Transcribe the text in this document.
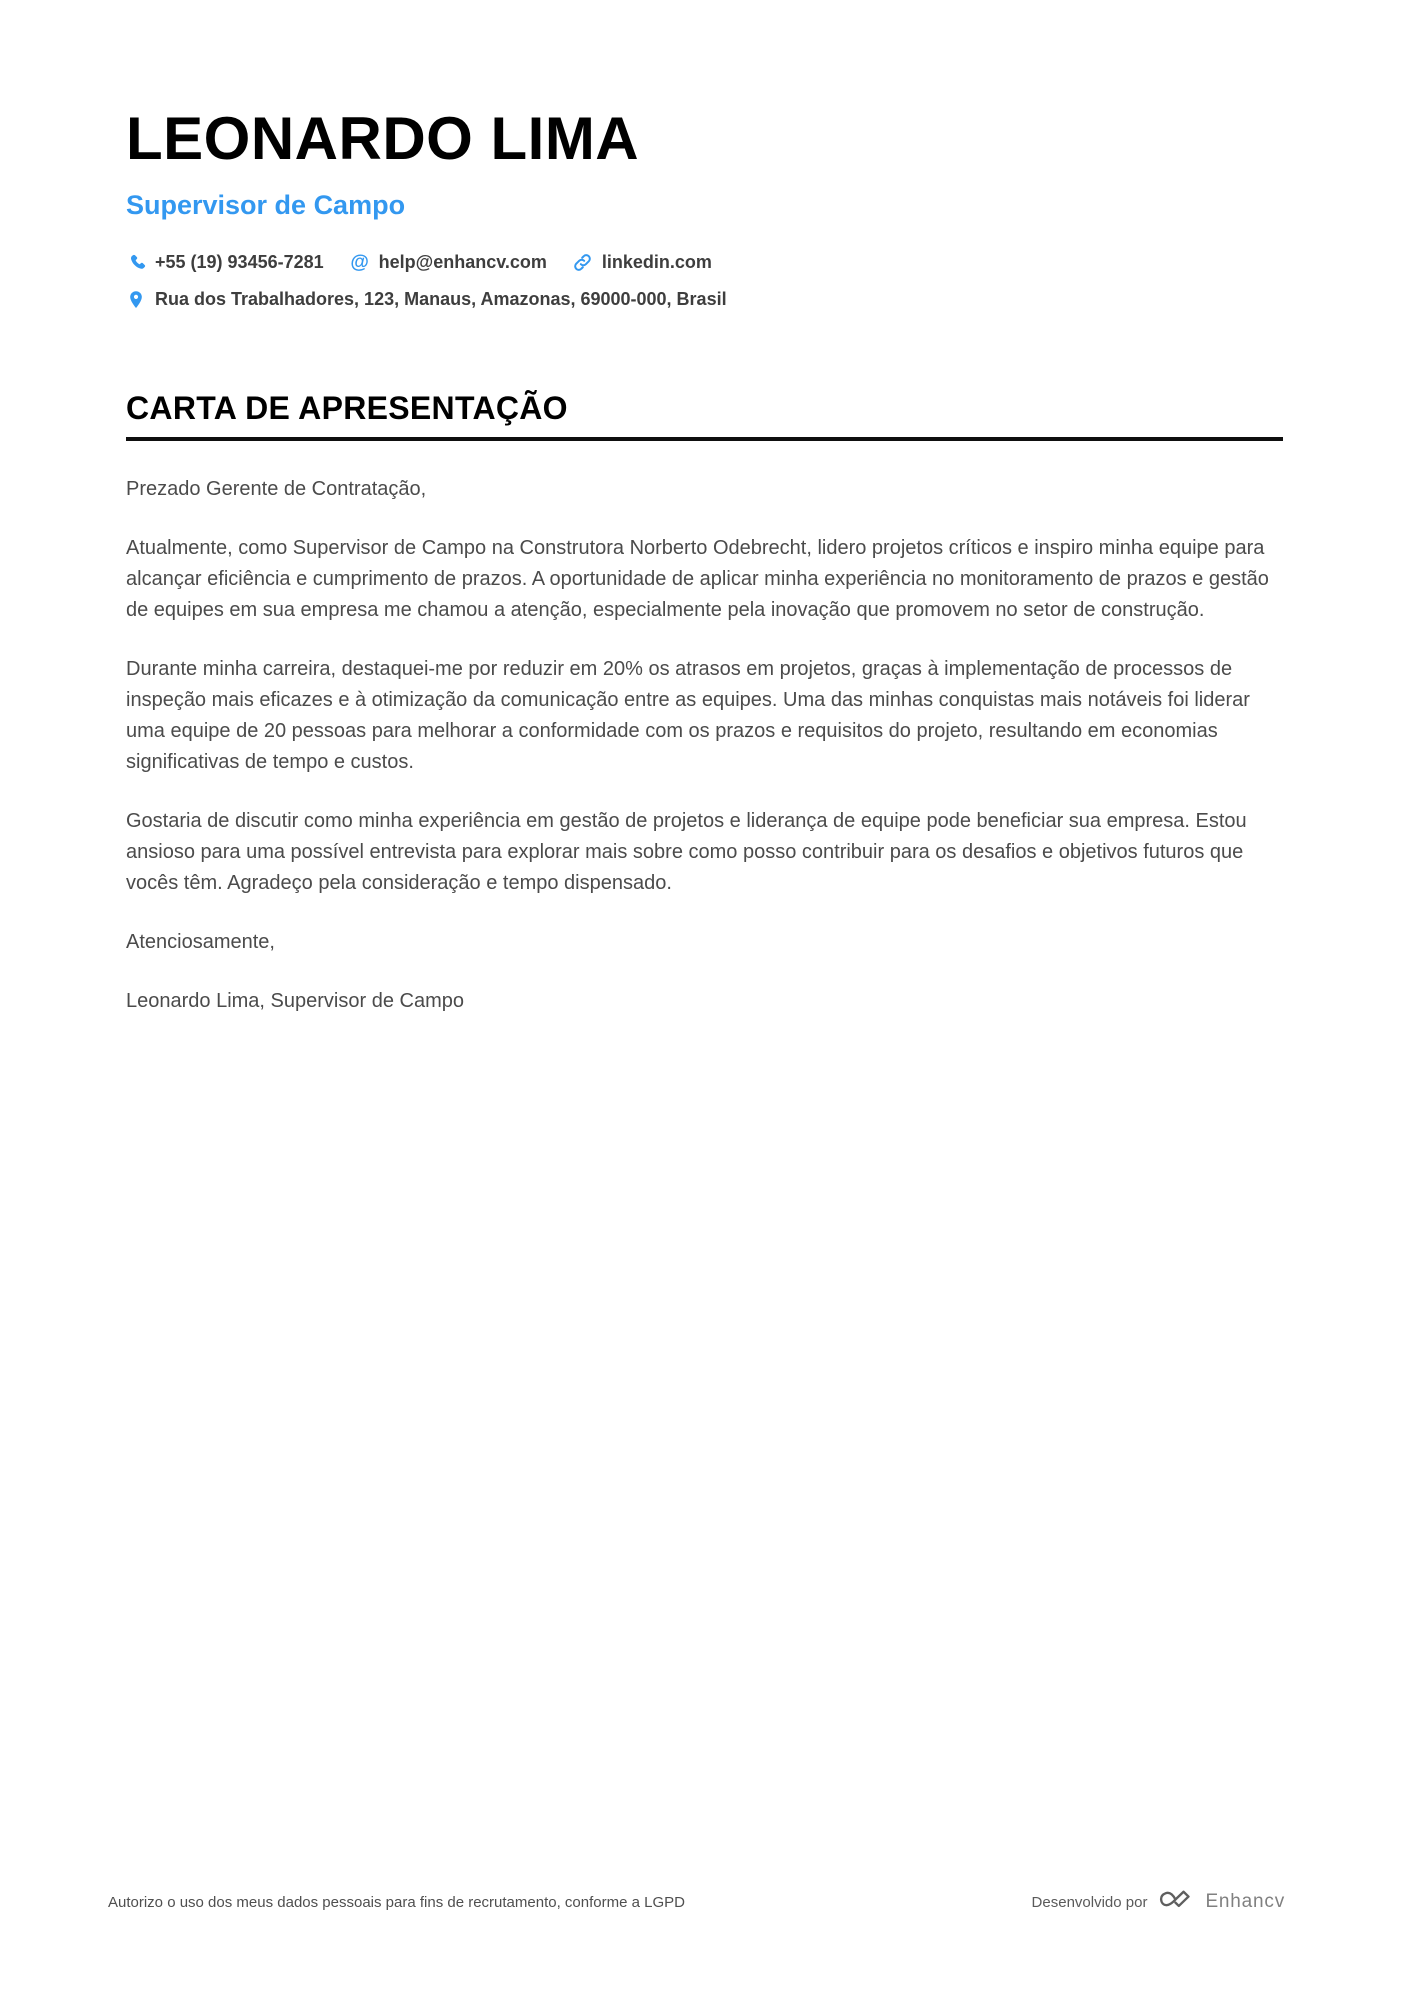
LEONARDO LIMA
Supervisor de Campo
+55 (19) 93456-7281 @ help@enhancv.com	linkedin.com
Rua dos Trabalhadores, 123, Manaus, Amazonas, 69000-000, Brasil
CARTA DE APRESENTAÇÃO

Prezado Gerente de Contratação,

Atualmente, como Supervisor de Campo na Construtora Norberto Odebrecht, lidero projetos críticos e inspiro minha equipe para alcançar eficiência e cumprimento de prazos. A oportunidade de aplicar minha experiência no monitoramento de prazos e gestão de equipes em sua empresa me chamou a atenção, especialmente pela inovação que promovem no setor de construção.

Durante minha carreira, destaquei-me por reduzir em 20% os atrasos em projetos, graças à implementação de processos de inspeção mais eficazes e à otimização da comunicação entre as equipes. Uma das minhas conquistas mais notáveis foi liderar uma equipe de 20 pessoas para melhorar a conformidade com os prazos e requisitos do projeto, resultando em economias significativas de tempo e custos.

Gostaria de discutir como minha experiência em gestão de projetos e liderança de equipe pode beneficiar sua empresa. Estou ansioso para uma possível entrevista para explorar mais sobre como posso contribuir para os desafios e objetivos futuros que vocês têm. Agradeço pela consideração e tempo dispensado.

Atenciosamente,

Leonardo Lima, Supervisor de Campo

Autorizo o uso dos meus dados pessoais para fins de recrutamento, conforme a LGPD	Desenvolvido por	Enhancv
